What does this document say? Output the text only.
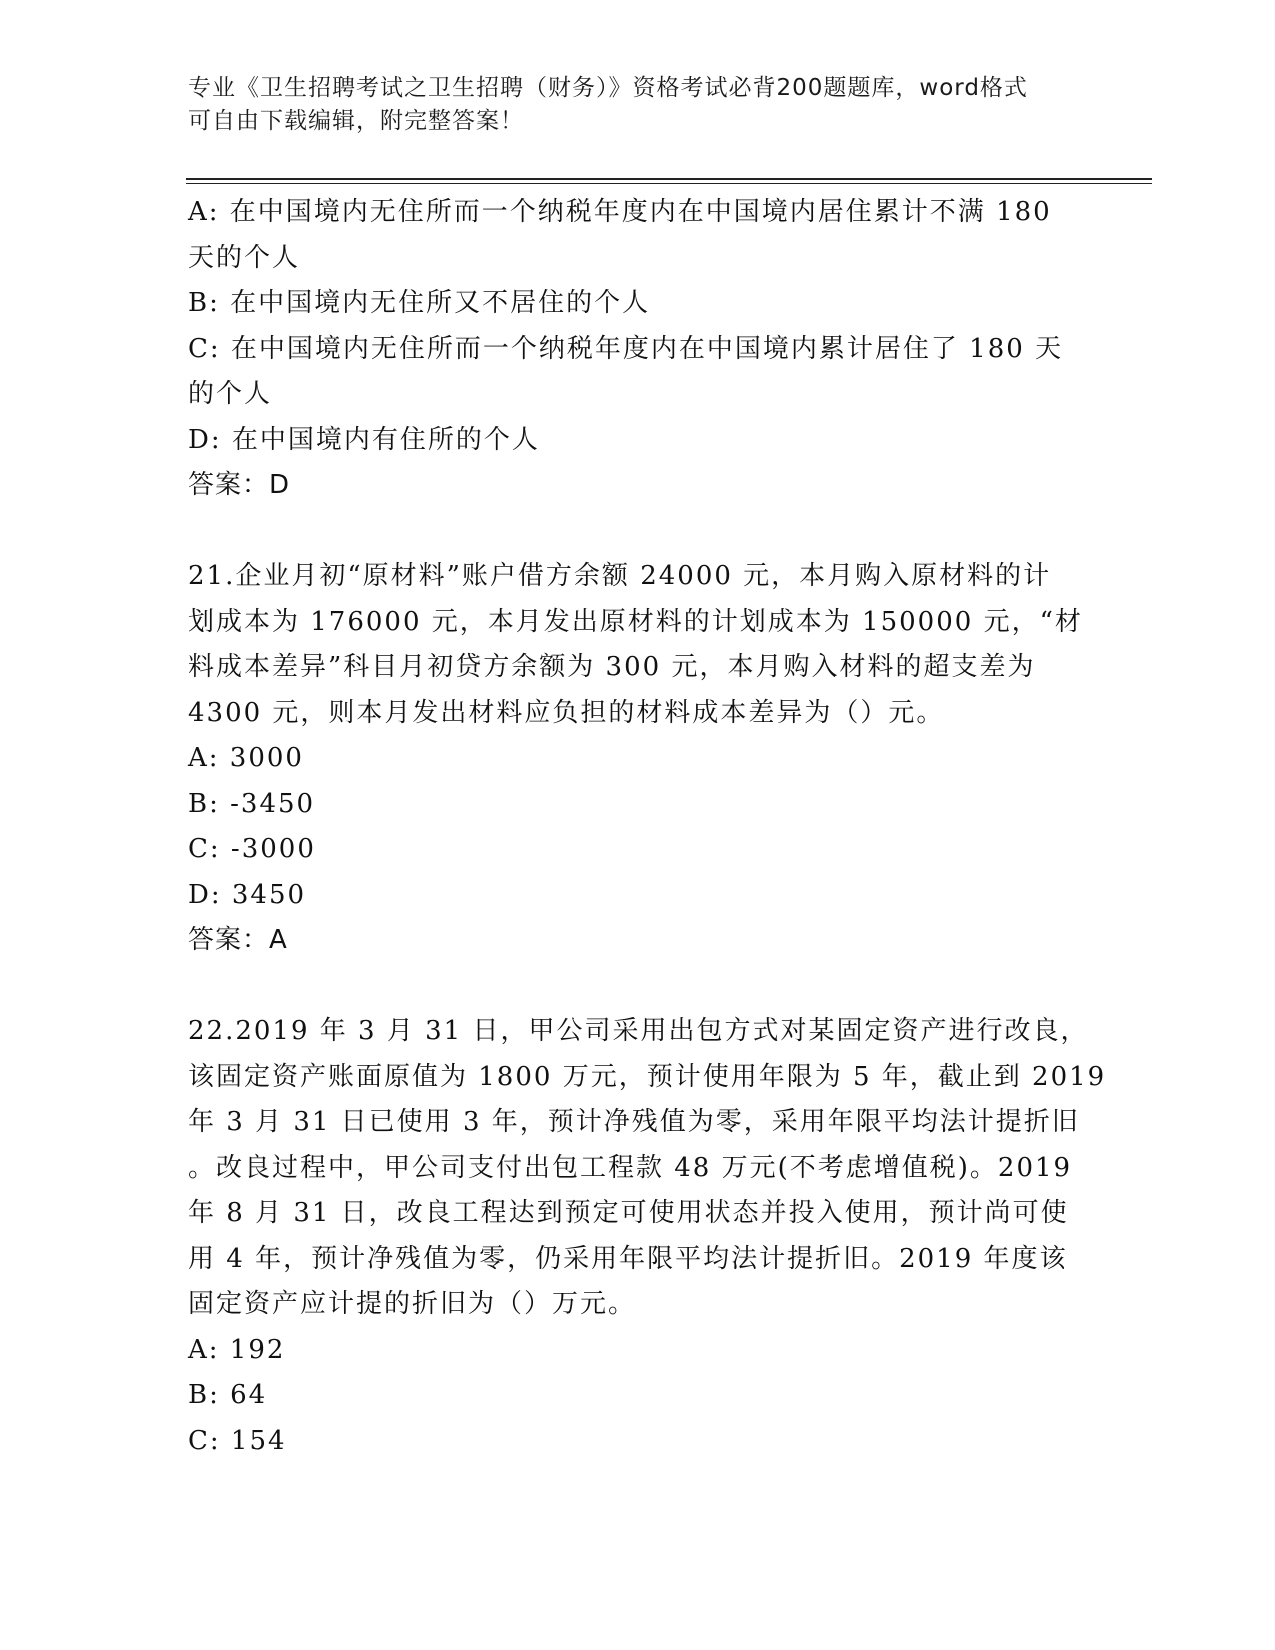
专业《卫生招聘考试之卫生招聘（财务）》资格考试必背200题题库，word格式
可自由下载编辑，附完整答案！
A: 在中国境内无住所而一个纳税年度内在中国境内居住累计不满 180
天的个人
B: 在中国境内无住所又不居住的个人
C: 在中国境内无住所而一个纳税年度内在中国境内累计居住了 180 天
的个人
D: 在中国境内有住所的个人
答案：D
21.企业月初“原材料”账户借方余额 24000 元，本月购入原材料的计
划成本为 176000 元，本月发出原材料的计划成本为 150000 元，“材
料成本差异”科目月初贷方余额为 300 元，本月购入材料的超支差为
4300 元，则本月发出材料应负担的材料成本差异为（）元。
A: 3000
B: -3450
C: -3000
D: 3450
答案：A
22.2019 年 3 月 31 日，甲公司采用出包方式对某固定资产进行改良，
该固定资产账面原值为 1800 万元，预计使用年限为 5 年，截止到 2019
年 3 月 31 日已使用 3 年，预计净残值为零，采用年限平均法计提折旧
。改良过程中，甲公司支付出包工程款 48 万元(不考虑增值税)。2019
年 8 月 31 日，改良工程达到预定可使用状态并投入使用，预计尚可使
用 4 年，预计净残值为零，仍采用年限平均法计提折旧。2019 年度该
固定资产应计提的折旧为（）万元。
A: 192
B: 64
C: 154
